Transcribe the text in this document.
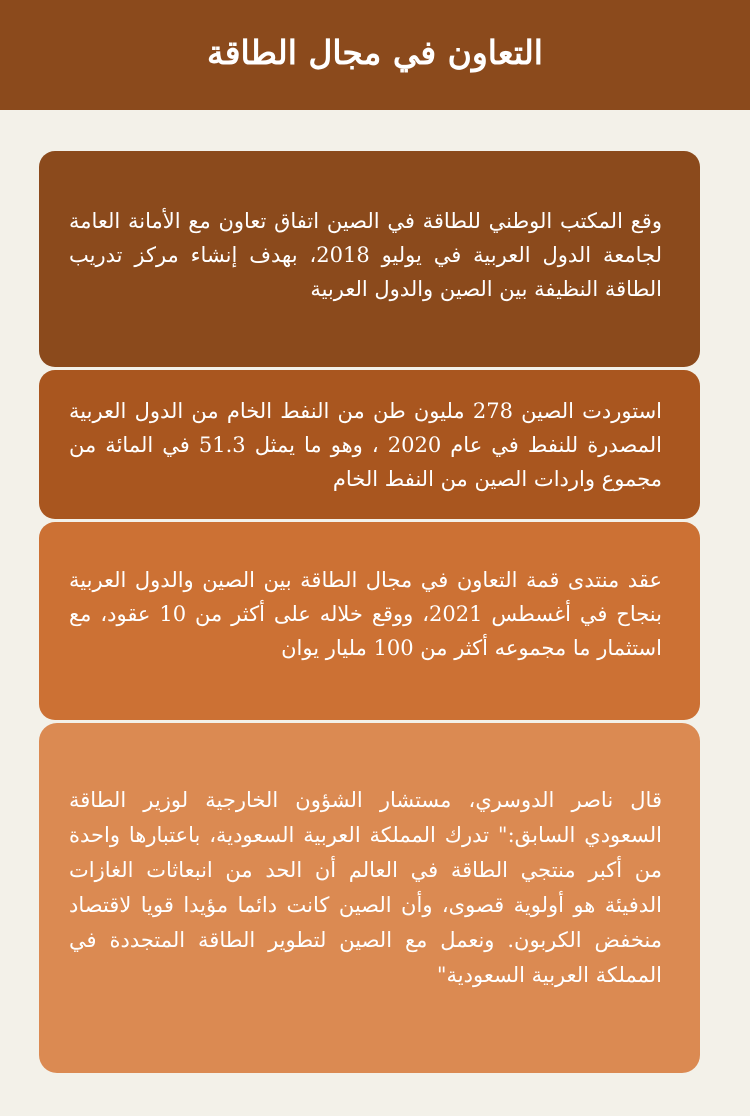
التعاون في مجال الطاقة
وقع المكتب الوطني للطاقة في الصين اتفاق تعاون مع الأمانة العامة لجامعة الدول العربية في يوليو 2018، بهدف إنشاء مركز تدريب الطاقة النظيفة بين الصين والدول العربية
استوردت الصين 278 مليون طن من النفط الخام من الدول العربية المصدرة للنفط في عام 2020 ، وهو ما يمثل 51.3 في المائة من مجموع واردات الصين من النفط الخام
عقد منتدى قمة التعاون في مجال الطاقة بين الصين والدول العربية بنجاح في أغسطس 2021، ووقع خلاله على أكثر من 10 عقود، مع استثمار ما مجموعه أكثر من 100 مليار يوان
قال ناصر الدوسري، مستشار الشؤون الخارجية لوزير الطاقة السعودي السابق:" تدرك المملكة العربية السعودية، باعتبارها واحدة من أكبر منتجي الطاقة في العالم أن الحد من انبعاثات الغازات الدفيئة هو أولوية قصوى، وأن الصين كانت دائما مؤيدا قويا لاقتصاد منخفض الكربون. ونعمل مع الصين لتطوير الطاقة المتجددة في المملكة العربية السعودية"
